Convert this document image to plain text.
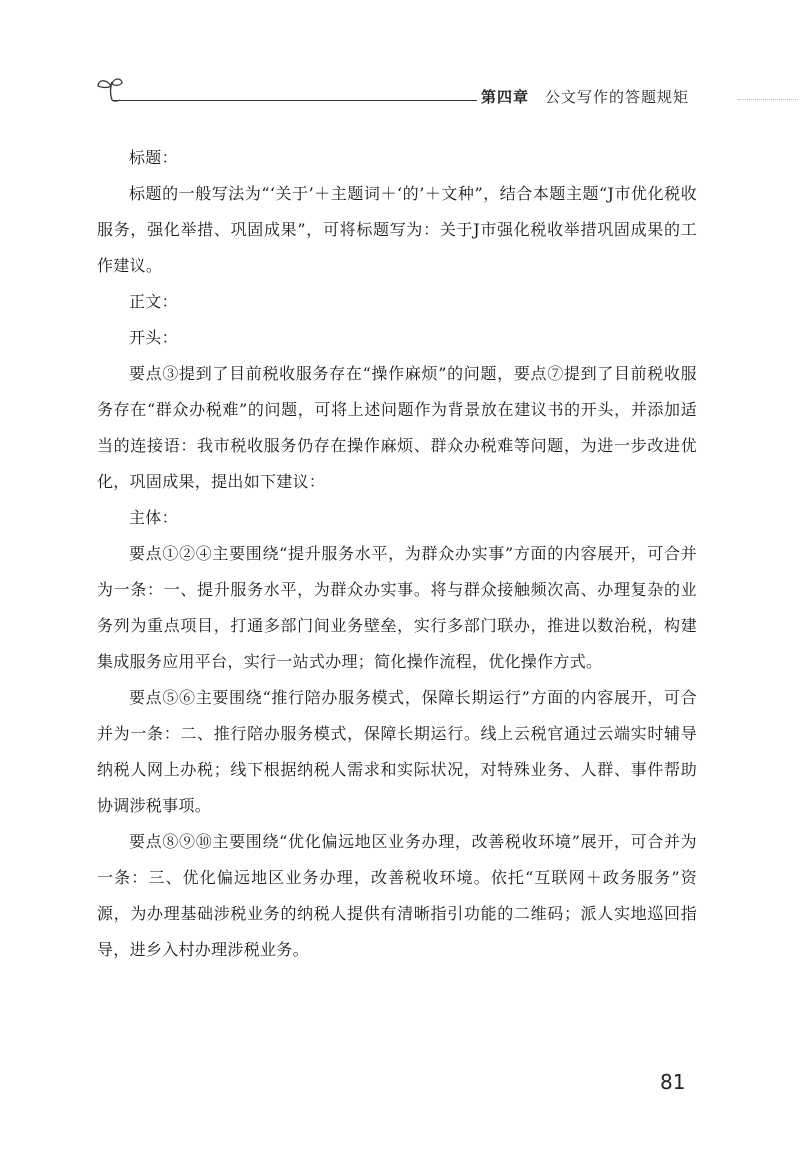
第四章 公文写作的答题规矩

标题：

标题的一般写法为“‘关于’＋主题词＋‘的’＋文种”，结合本题主题“J市优化税收服务，强化举措、巩固成果”，可将标题写为：关于J市强化税收举措巩固成果的工作建议。

正文：

开头：

要点③提到了目前税收服务存在“操作麻烦”的问题，要点⑦提到了目前税收服务存在“群众办税难”的问题，可将上述问题作为背景放在建议书的开头，并添加适当的连接语：我市税收服务仍存在操作麻烦、群众办税难等问题，为进一步改进优化，巩固成果，提出如下建议：

主体：

要点①②④主要围绕“提升服务水平，为群众办实事”方面的内容展开，可合并为一条：一、提升服务水平，为群众办实事。将与群众接触频次高、办理复杂的业务列为重点项目，打通多部门间业务壁垒，实行多部门联办，推进以数治税，构建集成服务应用平台，实行一站式办理；简化操作流程，优化操作方式。

要点⑤⑥主要围绕“推行陪办服务模式，保障长期运行”方面的内容展开，可合并为一条：二、推行陪办服务模式，保障长期运行。线上云税官通过云端实时辅导纳税人网上办税；线下根据纳税人需求和实际状况，对特殊业务、人群、事件帮助协调涉税事项。

要点⑧⑨⑩主要围绕“优化偏远地区业务办理，改善税收环境”展开，可合并为一条：三、优化偏远地区业务办理，改善税收环境。依托“互联网＋政务服务”资源，为办理基础涉税业务的纳税人提供有清晰指引功能的二维码；派人实地巡回指导，进乡入村办理涉税业务。

81
